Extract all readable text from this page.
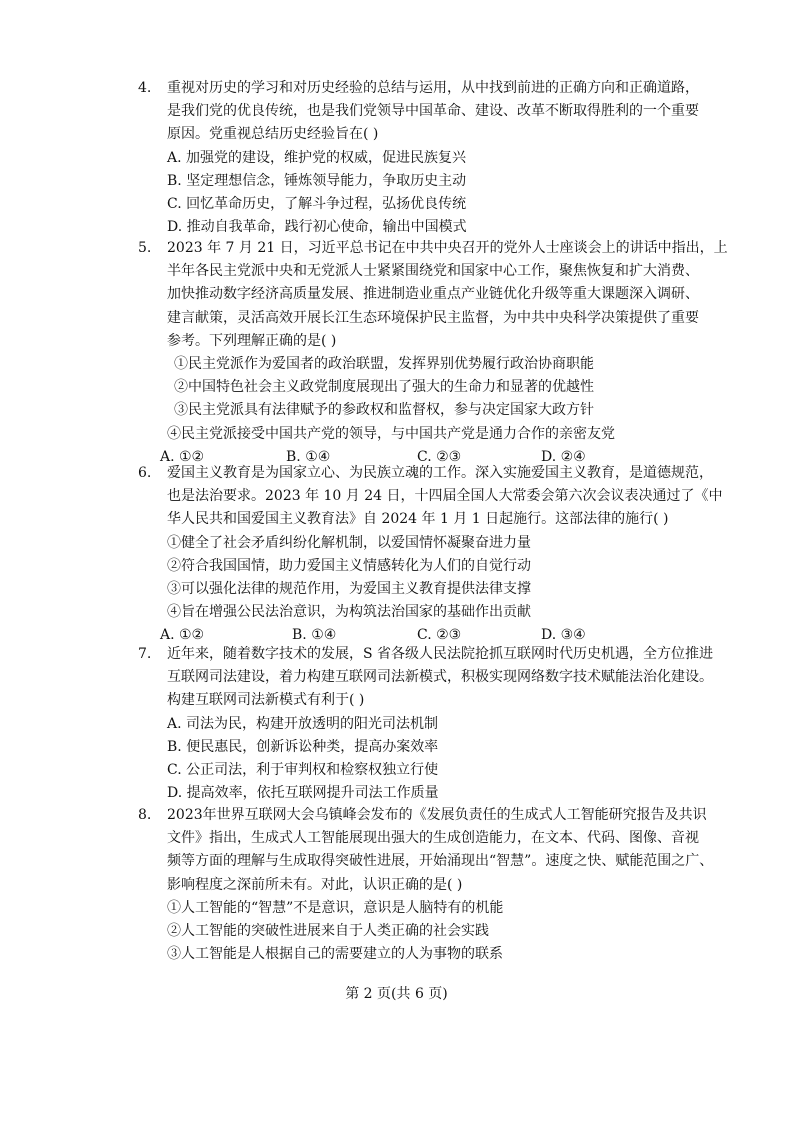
4.	重视对历史的学习和对历史经验的总结与运用，从中找到前进的正确方向和正确道路，
是我们党的优良传统，也是我们党领导中国革命、建设、改革不断取得胜利的一个重要
原因。党重视总结历史经验旨在( )
A. 加强党的建设，维护党的权威，促进民族复兴
B. 坚定理想信念，锤炼领导能力，争取历史主动
C. 回忆革命历史，了解斗争过程，弘扬优良传统
D. 推动自我革命，践行初心使命，输出中国模式
5.	2023 年 7 月 21 日，习近平总书记在中共中央召开的党外人士座谈会上的讲话中指出，上
半年各民主党派中央和无党派人士紧紧围绕党和国家中心工作，聚焦恢复和扩大消费、
加快推动数字经济高质量发展、推进制造业重点产业链优化升级等重大课题深入调研、
建言献策，灵活高效开展长江生态环境保护民主监督，为中共中央科学决策提供了重要
参考。下列理解正确的是( )
①民主党派作为爱国者的政治联盟，发挥界别优势履行政治协商职能
②中国特色社会主义政党制度展现出了强大的生命力和显著的优越性
③民主党派具有法律赋予的参政权和监督权，参与决定国家大政方针
④民主党派接受中国共产党的领导，与中国共产党是通力合作的亲密友党
A. ①②	B. ①④	C. ②③	D. ②④
6.	爱国主义教育是为国家立心、为民族立魂的工作。深入实施爱国主义教育，是道德规范，
也是法治要求。2023 年 10 月 24 日，十四届全国人大常委会第六次会议表决通过了《中
华人民共和国爱国主义教育法》自 2024 年 1 月 1 日起施行。这部法律的施行( )
①健全了社会矛盾纠纷化解机制，以爱国情怀凝聚奋进力量
②符合我国国情，助力爱国主义情感转化为人们的自觉行动
③可以强化法律的规范作用，为爱国主义教育提供法律支撑
④旨在增强公民法治意识，为构筑法治国家的基础作出贡献
A. ①②	B. ①④	C. ②③	D. ③④
7.	近年来，随着数字技术的发展，S 省各级人民法院抢抓互联网时代历史机遇，全方位推进
互联网司法建设，着力构建互联网司法新模式，积极实现网络数字技术赋能法治化建设。
构建互联网司法新模式有利于( )
A. 司法为民，构建开放透明的阳光司法机制
B. 便民惠民，创新诉讼种类，提高办案效率
C. 公正司法，利于审判权和检察权独立行使
D. 提高效率，依托互联网提升司法工作质量
8.	2023年世界互联网大会乌镇峰会发布的《发展负责任的生成式人工智能研究报告及共识
文件》指出，生成式人工智能展现出强大的生成创造能力，在文本、代码、图像、音视
频等方面的理解与生成取得突破性进展，开始涌现出“智慧”。速度之快、赋能范围之广、
影响程度之深前所未有。对此，认识正确的是( )
①人工智能的“智慧”不是意识，意识是人脑特有的机能
②人工智能的突破性进展来自于人类正确的社会实践
③人工智能是人根据自己的需要建立的人为事物的联系
第 2 页(共 6 页)
